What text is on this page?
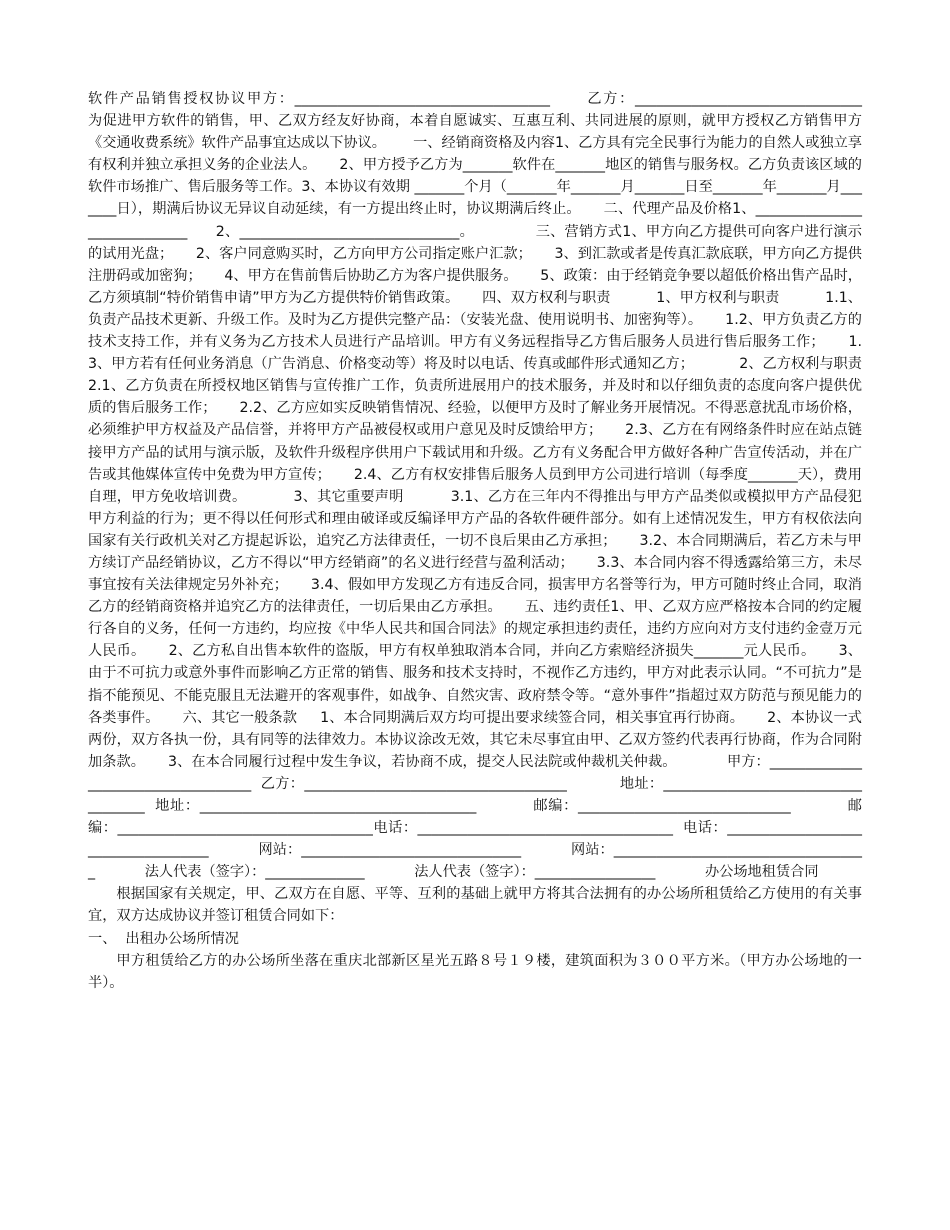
软件产品销售授权协议甲方：____________________________________      乙方：________________________________        为促进甲方软件的销售，甲、乙双方经友好协商，本着自愿诚实、互惠互利、共同进展的原则，就甲方授权乙方销售甲方《交通收费系统》软件产品事宜达成以下协议。      一、经销商资格及内容1、乙方具有完全民事行为能力的自然人或独立享有权利并独立承担义务的企业法人。     2、甲方授予乙方为_______软件在_______地区的销售与服务权。乙方负责该区域的软件市场推广、售后服务等工作。3、本协议有效期 _______个月（_______年_______月_______日至_______年_______月_______日），期满后协议无异议自动延续，有一方提出终止时，协议期满后终止。     二、代理产品及价格1、_____________________________      2、_______________________________。             三、营销方式1、甲方向乙方提供可向客户进行演示的试用光盘；     2、客户同意购买时，乙方向甲方公司指定账户汇款；     3、到汇款或者是传真汇款底联，甲方向乙方提供注册码或加密狗；     4、甲方在售前售后协助乙方为客户提供服务。     5、政策：由于经销竞争要以超低价格出售产品时，乙方须填制“特价销售申请”甲方为乙方提供特价销售政策。     四、双方权利与职责          1、甲方权利与职责          1.1、负责产品技术更新、升级工作。及时为乙方提供完整产品：（安装光盘、使用说明书、加密狗等）。     1.2、甲方负责乙方的技术支持工作，并有义务为乙方技术人员进行产品培训。甲方有义务远程指导乙方售后服务人员进行售后服务工作；     1.3、甲方若有任何业务消息（广告消息、价格变动等）将及时以电话、传真或邮件形式通知乙方；          2、乙方权利与职责          2.1、乙方负责在所授权地区销售与宣传推广工作，负责所进展用户的技术服务，并及时和以仔细负责的态度向客户提供优质的售后服务工作；     2.2、乙方应如实反映销售情况、经验，以便甲方及时了解业务开展情况。不得恶意扰乱市场价格，必须维护甲方权益及产品信誉，并将甲方产品被侵权或用户意见及时反馈给甲方；     2.3、乙方在有网络条件时应在站点链接甲方产品的试用与演示版，及软件升级程序供用户下载试用和升级。乙方有义务配合甲方做好各种广告宣传活动，并在广告或其他媒体宣传中免费为甲方宣传；     2.4、乙方有权安排售后服务人员到甲方公司进行培训（每季度_______天），费用自理，甲方免收培训费。          3、其它重要声明          3.1、乙方在三年内不得推出与甲方产品类似或模拟甲方产品侵犯甲方利益的行为；更不得以任何形式和理由破译或反编译甲方产品的各软件硬件部分。如有上述情况发生，甲方有权依法向国家有关行政机关对乙方提起诉讼，追究乙方法律责任，一切不良后果由乙方承担；     3.2、本合同期满后，若乙方未与甲方续订产品经销协议，乙方不得以“甲方经销商”的名义进行经营与盈利活动；     3.3、本合同内容不得透露给第三方，未尽事宜按有关法律规定另外补充；     3.4、假如甲方发现乙方有违反合同，损害甲方名誉等行为，甲方可随时终止合同，取消乙方的经销商资格并追究乙方的法律责任，一切后果由乙方承担。     五、违约责任1、甲、乙双方应严格按本合同的约定履行各自的义务，任何一方违约，均应按《中华人民共和国合同法》的规定承担违约责任，违约方应向对方支付违约金壹万元人民币。     2、乙方私自出售本软件的盗版，甲方有权单独取消本合同，并向乙方索赔经济损失_______元人民币。     3、由于不可抗力或意外事件而影响乙方正常的销售、服务和技术支持时，不视作乙方违约，甲方对此表示认同。“不可抗力”是指不能预见、不能克服且无法避开的客观事件，如战争、自然灾害、政府禁令等。“意外事件”指超过双方防范与预见能力的各类事件。     六、其它一般条款     1、本合同期满后双方均可提出要求续签合同，相关事宜再行协商。     2、本协议一式两份，双方各执一份，具有同等的法律效力。本协议涂改无效，其它未尽事宜由甲、乙双方签约代表再行协商，作为合同附加条款。     3、在本合同履行过程中发生争议，若协商不成，提交人民法院或仲裁机关仲裁。           甲方：____________________________________  乙方：_____________________________________           地址：____________________________________  地址：_______________________________________           邮编：______________________________           邮编：____________________________________电话：____________________________________  电话：____________________________________           网站：_______________________________           网站：____________________________________           法人代表（签字）：______________           法人代表（签字）：_________________           办公场地租赁合同

根据国家有关规定，甲、乙双方在自愿、平等、互利的基础上就甲方将其合法拥有的办公场所租赁给乙方使用的有关事宜，双方达成协议并签订租赁合同如下：

一、  出租办公场所情况

甲方租赁给乙方的办公场所坐落在重庆北部新区星光五路８号１９楼，建筑面积为３００平方米。（甲方办公场地的一半）。
